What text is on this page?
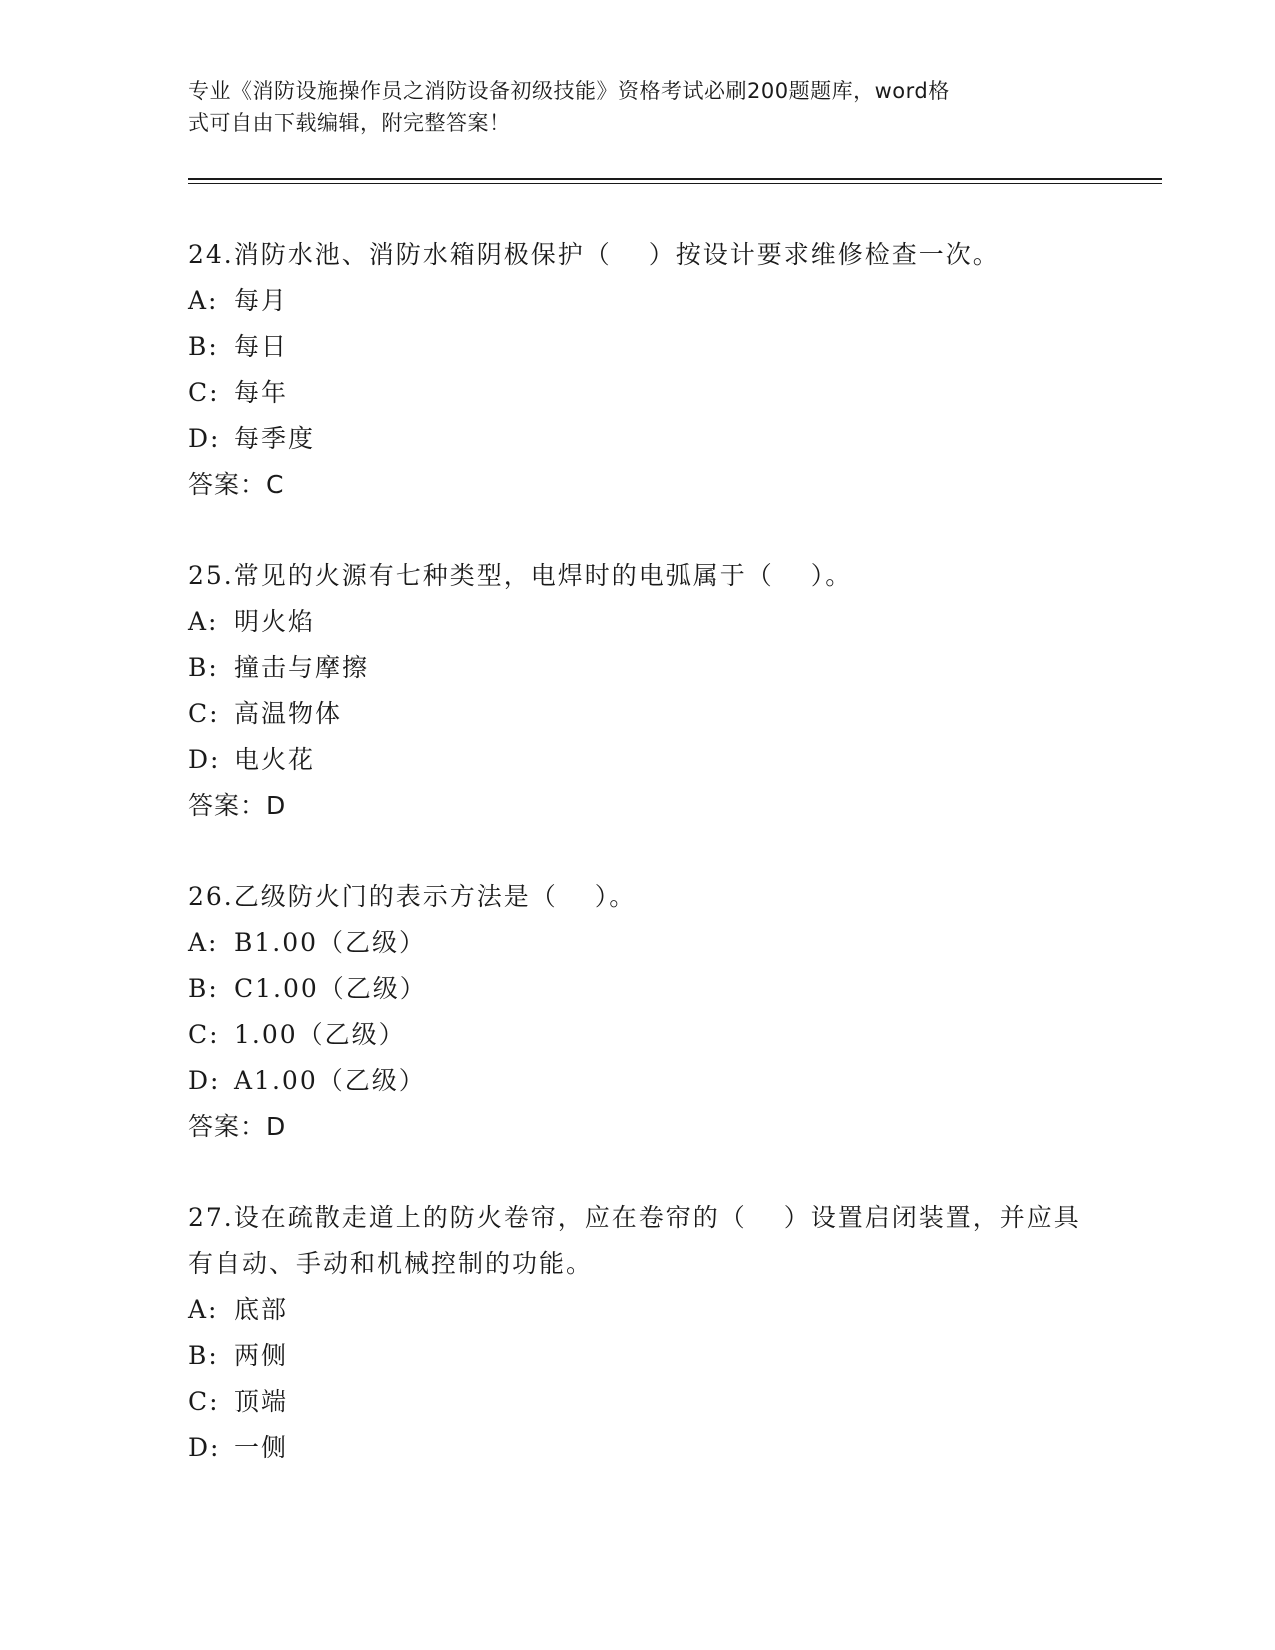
专业《消防设施操作员之消防设备初级技能》资格考试必刷200题题库，word格
式可自由下载编辑，附完整答案！

24.消防水池、消防水箱阴极保护（　 ）按设计要求维修检查一次。

A: 每月

B: 每日

C: 每年

D: 每季度

答案：C

25.常见的火源有七种类型，电焊时的电弧属于（　 ）。

A: 明火焰

B: 撞击与摩擦

C: 高温物体

D: 电火花

答案：D

26.乙级防火门的表示方法是（　 ）。

A: B1.00（乙级）

B: C1.00（乙级）

C: 1.00（乙级）

D: A1.00（乙级）

答案：D

27.设在疏散走道上的防火卷帘，应在卷帘的（　 ）设置启闭装置，并应具有自动、手动和机械控制的功能。

A: 底部

B: 两侧

C: 顶端

D: 一侧
